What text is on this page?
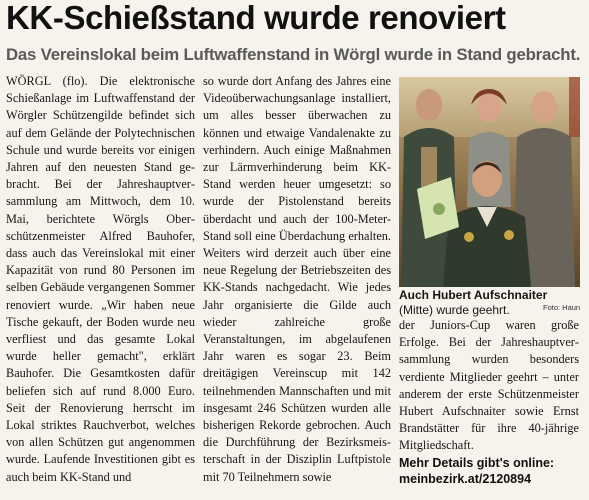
KK-Schießstand wurde renoviert
Das Vereinslokal beim Luftwaffenstand in Wörgl wurde in Stand gebracht.

WÖRGL (flo). Die elektronische Schießanlage im Luftwaffenstand der Wörgler Schützengilde befindet sich auf dem Gelände der Polytechnischen Schule und wurde bereits vor einigen Jahren auf den neuesten Stand gebracht. Bei der Jahreshauptversammlung am Mittwoch, dem 10. Mai, berichtete Wörgls Oberschützenmeister Alfred Bauhofer, dass auch das Vereinslokal mit einer Kapazität von rund 80 Personen im selben Gebäude vergangenen Sommer renoviert wurde. „Wir haben neue Tische gekauft, der Boden wurde neu verfliest und das gesamte Lokal wurde heller gemacht", erklärt Bauhofer. Die Gesamtkosten dafür beliefen sich auf rund 8.000 Euro. Seit der Renovierung herrscht im Lokal striktes Rauchverbot, welches von allen Schützen gut angenommen wurde. Laufende Investitionen gibt es auch beim KK-Stand und

so wurde dort Anfang des Jahres eine Videoüberwachungsanlage installiert, um alles besser überwachen zu können und etwaige Vandalenakte zu verhindern. Auch einige Maßnahmen zur Lärmverhinderung beim KK-Stand werden heuer umgesetzt: so wurde der Pistolenstand bereits überdacht und auch der 100-Meter-Stand soll eine Überdachung erhalten. Weiters wird derzeit auch über eine neue Regelung der Betriebszeiten des KK-Stands nachgedacht. Wie jedes Jahr organisierte die Gilde auch wieder zahlreiche große Veranstaltungen, im abgelaufenen Jahr waren es sogar 23. Beim dreitägigen Vereinscup mit 142 teilnehmenden Mannschaften und mit insgesamt 246 Schützen wurden alle bisherigen Rekorde gebrochen. Auch die Durchführung der Bezirksmeisterschaft in der Disziplin Luftpistole mit 70 Teilnehmern sowie

Auch Hubert Aufschnaiter (Mitte) wurde geehrt.	Foto: Haun

der Juniors-Cup waren große Erfolge. Bei der Jahreshauptversammlung wurden besonders verdiente Mitglieder geehrt – unter anderem der erste Schützenmeister Hubert Aufschnaiter sowie Ernst Brandstätter für ihre 40-jährige Mitgliedschaft.

Mehr Details gibt's online:
meinbezirk.at/2120894
